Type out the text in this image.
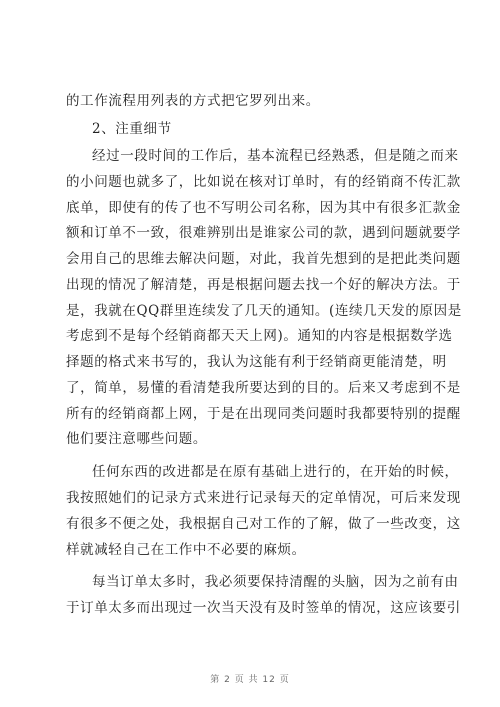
的工作流程用列表的方式把它罗列出来。
2、注重细节
经过一段时间的工作后，基本流程已经熟悉，但是随之而来
的小问题也就多了，比如说在核对订单时，有的经销商不传汇款
底单，即使有的传了也不写明公司名称，因为其中有很多汇款金
额和订单不一致，很难辨别出是谁家公司的款，遇到问题就要学
会用自己的思维去解决问题，对此，我首先想到的是把此类问题
出现的情况了解清楚，再是根据问题去找一个好的解决方法。于
是，我就在QQ群里连续发了几天的通知。(连续几天发的原因是
考虑到不是每个经销商都天天上网)。通知的内容是根据数学选
择题的格式来书写的，我认为这能有利于经销商更能清楚，明
了，简单，易懂的看清楚我所要达到的目的。后来又考虑到不是
所有的经销商都上网，于是在出现同类问题时我都要特别的提醒
他们要注意哪些问题。
任何东西的改进都是在原有基础上进行的，在开始的时候，
我按照她们的记录方式来进行记录每天的定单情况，可后来发现
有很多不便之处，我根据自己对工作的了解，做了一些改变，这
样就减轻自己在工作中不必要的麻烦。
每当订单太多时，我必须要保持清醒的头脑，因为之前有由
于订单太多而出现过一次当天没有及时签单的情况，这应该要引
第 2 页 共 12 页
